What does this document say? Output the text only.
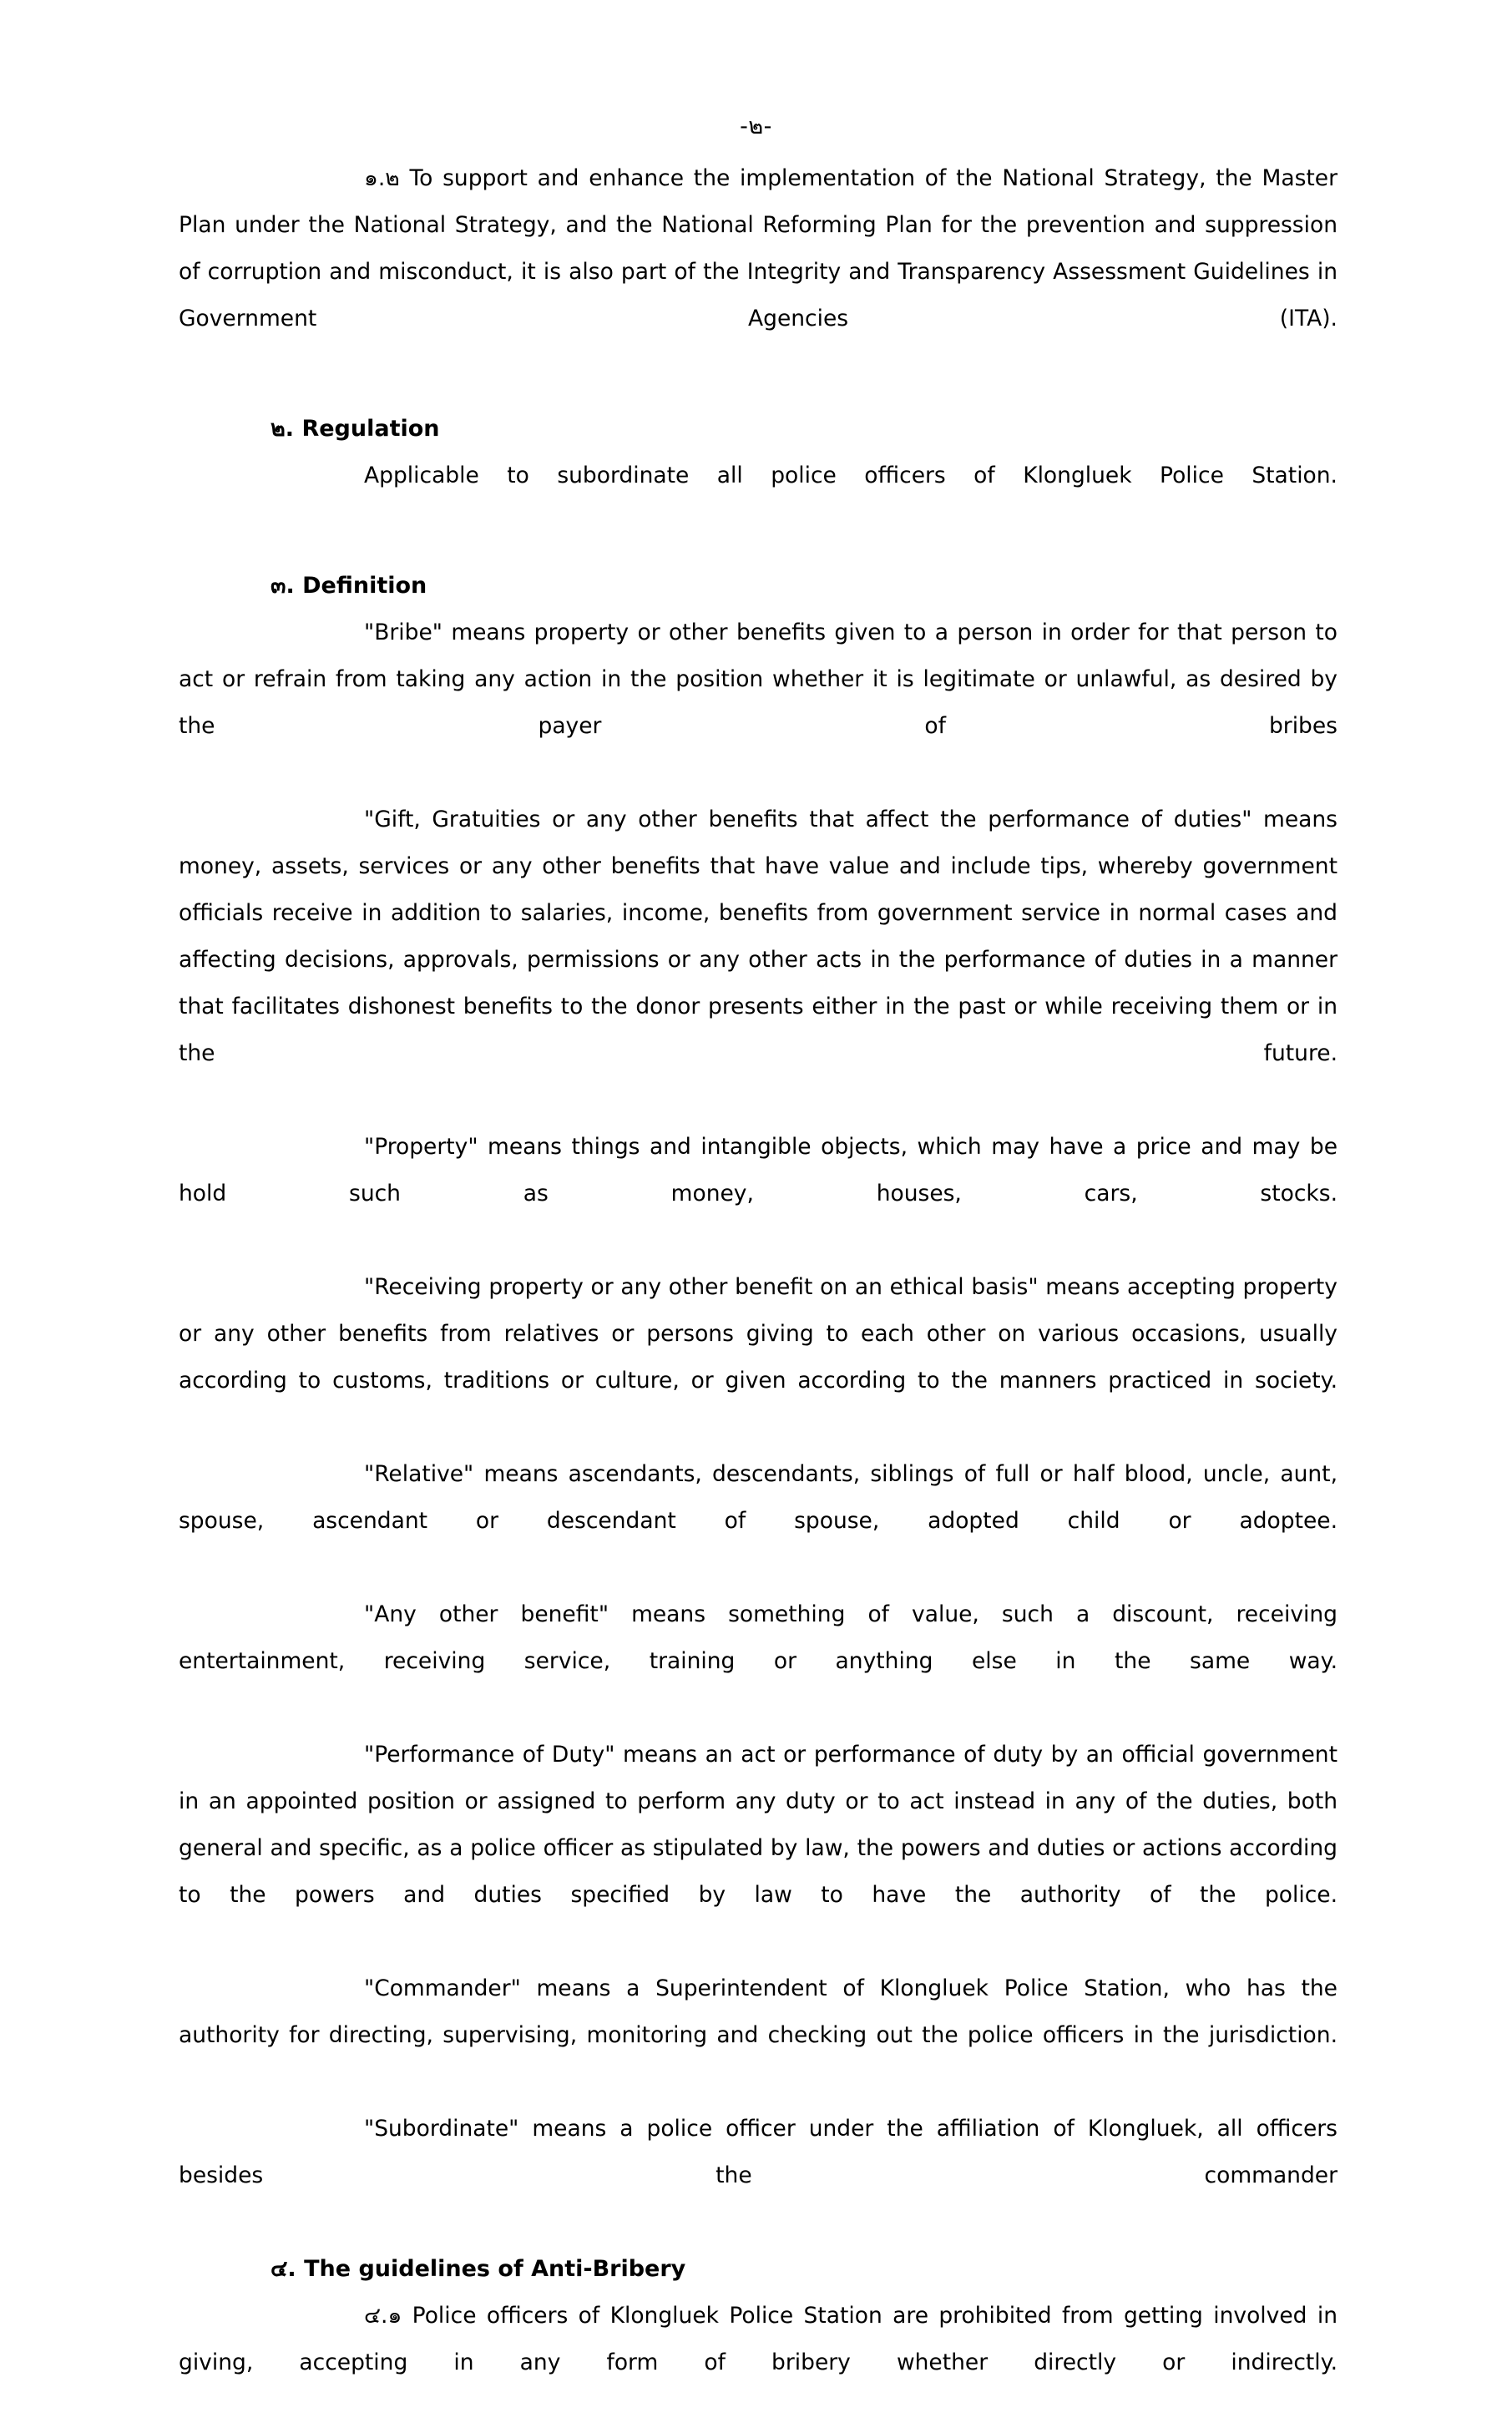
-๒-

๑.๒ To support and enhance the implementation of the National Strategy, the Master Plan under the National Strategy, and the National Reforming Plan for the prevention and suppression of corruption and misconduct, it is also part of the Integrity and Transparency Assessment Guidelines in Government Agencies (ITA).

๒. Regulation

Applicable to subordinate all police officers of Klongluek Police Station.

๓. Definition

"Bribe" means property or other benefits given to a person in order for that person to act or refrain from taking any action in the position whether it is legitimate or unlawful, as desired by the payer of bribes

"Gift, Gratuities or any other benefits that affect the performance of duties" means money, assets, services or any other benefits that have value and include tips, whereby government officials receive in addition to salaries, income, benefits from government service in normal cases and affecting decisions, approvals, permissions or any other acts in the performance of duties in a manner that facilitates dishonest benefits to the donor presents either in the past or while receiving them or in the future.

"Property" means things and intangible objects, which may have a price and may be hold such as money, houses, cars, stocks.

"Receiving property or any other benefit on an ethical basis" means accepting property or any other benefits from relatives or persons giving to each other on various occasions, usually according to customs, traditions or culture, or given according to the manners practiced in society.

"Relative" means ascendants, descendants, siblings of full or half blood, uncle, aunt, spouse, ascendant or descendant of spouse, adopted child or adoptee.

"Any other benefit" means something of value, such a discount, receiving entertainment, receiving service, training or anything else in the same way.

"Performance of Duty" means an act or performance of duty by an official government in an appointed position or assigned to perform any duty or to act instead in any of the duties, both general and specific, as a police officer as stipulated by law, the powers and duties or actions according to the powers and duties specified by law to have the authority of the police.

"Commander" means a Superintendent of Klongluek Police Station, who has the authority for directing, supervising, monitoring and checking out the police officers in the jurisdiction.

"Subordinate" means a police officer under the affiliation of Klongluek, all officers besides the commander

๔. The guidelines of Anti-Bribery

๔.๑ Police officers of Klongluek Police Station are prohibited from getting involved in giving, accepting in any form of bribery whether directly or indirectly.
